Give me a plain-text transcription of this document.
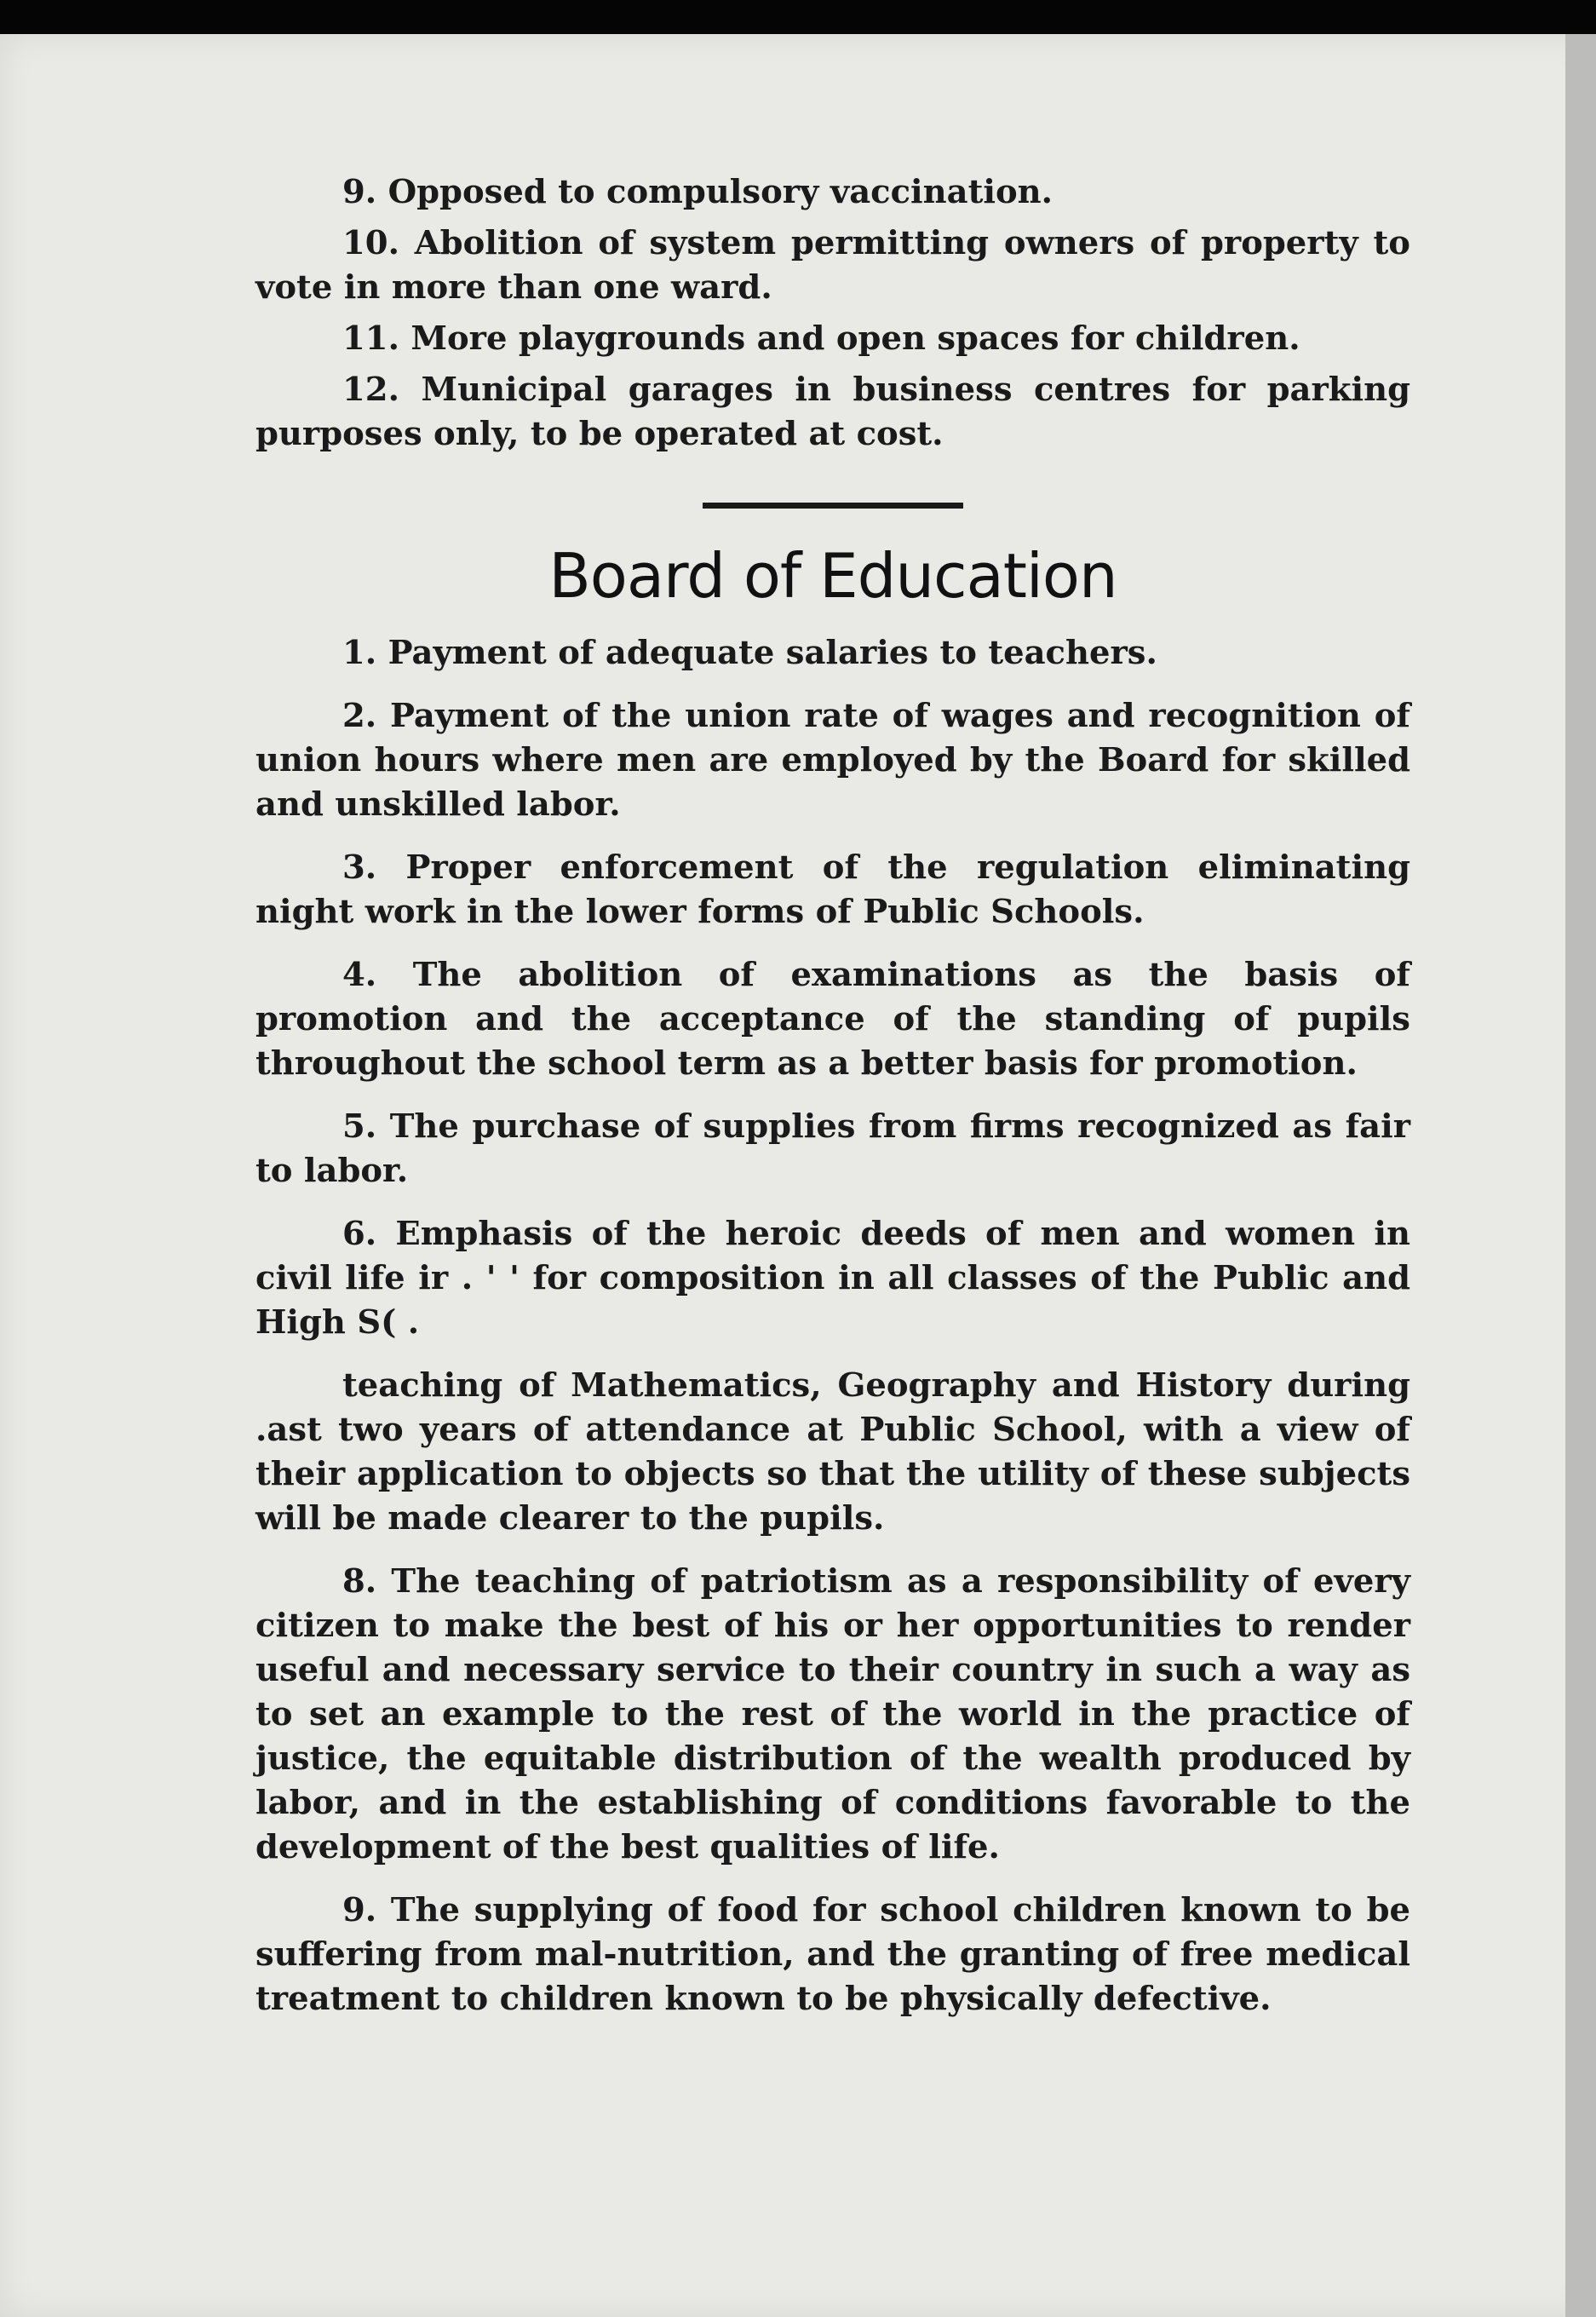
9. Opposed to compulsory vaccination.

10. Abolition of system permitting owners of property to vote in more than one ward.

11. More playgrounds and open spaces for children.

12. Municipal garages in business centres for parking purposes only, to be operated at cost.

Board of Education

1. Payment of adequate salaries to teachers.

2. Payment of the union rate of wages and recognition of union hours where men are employed by the Board for skilled and unskilled labor.

3. Proper enforcement of the regulation eliminating night work in the lower forms of Public Schools.

4. The abolition of examinations as the basis of promotion and the acceptance of the standing of pupils throughout the school term as a better basis for promotion.

5. The purchase of supplies from firms recognized as fair to labor.

6. Emphasis of the heroic deeds of men and women in civil life ir . ' ' for composition in all classes of the Public and High S( .

teaching of Mathematics, Geography and History during .ast two years of attendance at Public School, with a view of their application to objects so that the utility of these subjects will be made clearer to the pupils.

8. The teaching of patriotism as a responsibility of every citizen to make the best of his or her opportunities to render useful and necessary service to their country in such a way as to set an example to the rest of the world in the practice of justice, the equitable distribution of the wealth produced by labor, and in the establishing of conditions favorable to the development of the best qualities of life.

9. The supplying of food for school children known to be suffering from mal-nutrition, and the granting of free medical treatment to children known to be physically defective.
